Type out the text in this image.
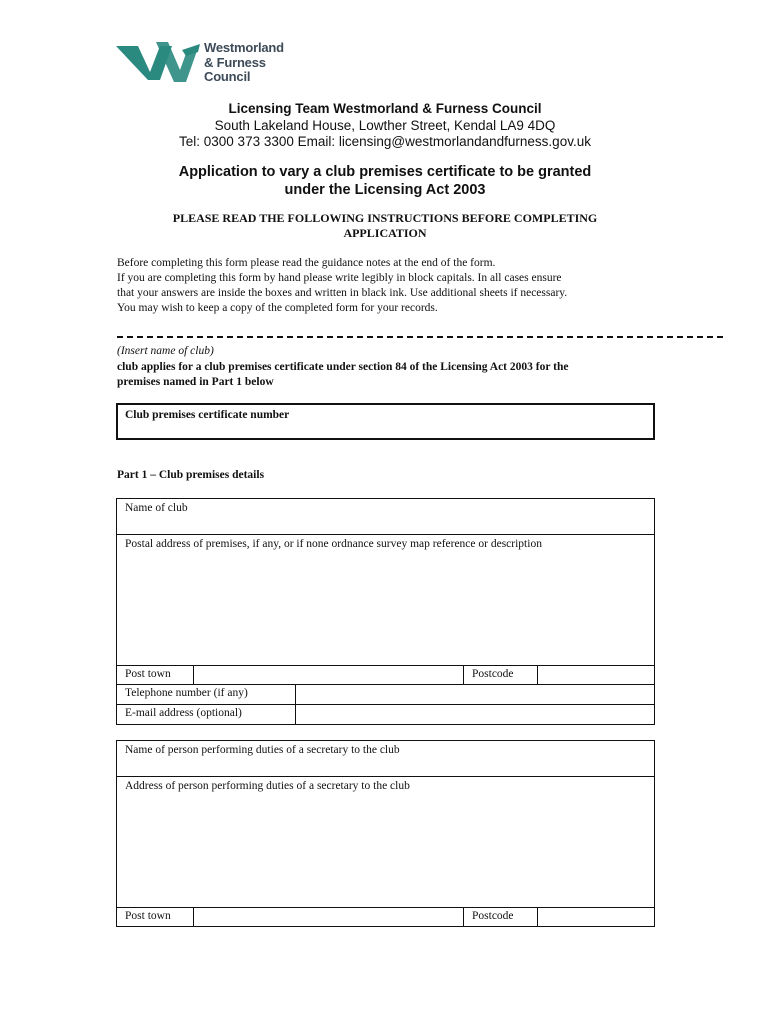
Westmorland
& Furness
Council
Licensing Team Westmorland & Furness Council
South Lakeland House, Lowther Street, Kendal LA9 4DQ
Tel: 0300 373 3300 Email: licensing@westmorlandandfurness.gov.uk
Application to vary a club premises certificate to be granted
under the Licensing Act 2003
PLEASE READ THE FOLLOWING INSTRUCTIONS BEFORE COMPLETING
APPLICATION
Before completing this form please read the guidance notes at the end of the form.
If you are completing this form by hand please write legibly in block capitals. In all cases ensure
that your answers are inside the boxes and written in black ink. Use additional sheets if necessary.
You may wish to keep a copy of the completed form for your records.
(Insert name of club)
club applies for a club premises certificate under section 84 of the Licensing Act 2003 for the
premises named in Part 1 below
Club premises certificate number
Part 1 – Club premises details
Name of club
Postal address of premises, if any, or if none ordnance survey map reference or description
Post town	Postcode
Telephone number (if any)
E-mail address (optional)
Name of person performing duties of a secretary to the club
Address of person performing duties of a secretary to the club
Post town	Postcode
